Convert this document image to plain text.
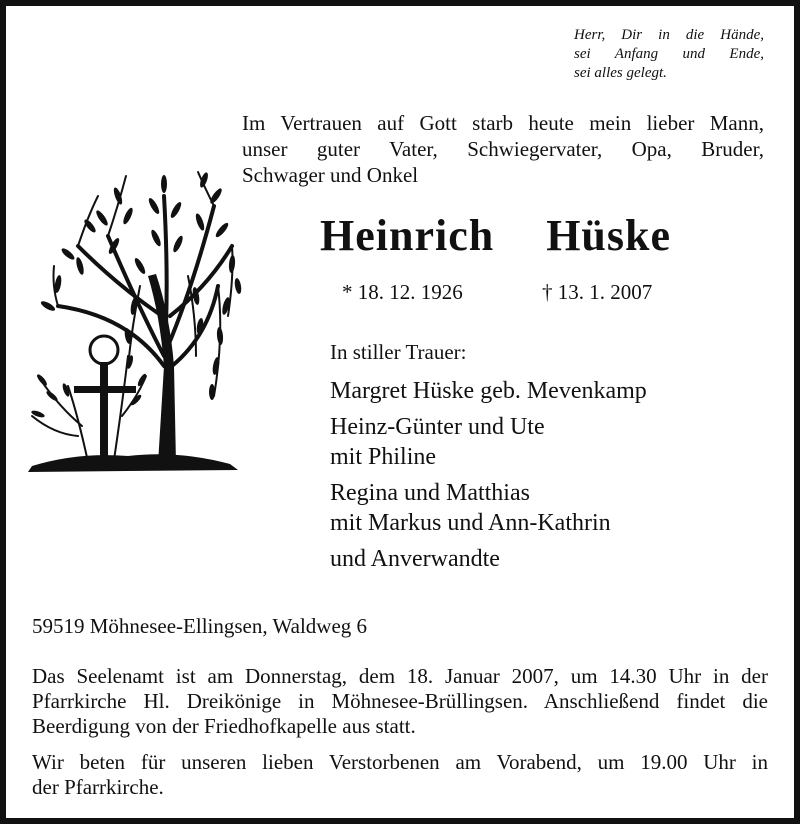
Herr, Dir in die Hände,
sei Anfang und Ende,
sei alles gelegt.
Im Vertrauen auf Gott starb heute mein lieber Mann,
unser guter Vater, Schwiegervater, Opa, Bruder,
Schwager und Onkel
Heinrich  Hüske
* 18. 12. 1926	† 13. 1. 2007
In stiller Trauer:
Margret Hüske geb. Mevenkamp
Heinz-Günter und Ute
mit Philine
Regina und Matthias
mit Markus und Ann-Kathrin
und Anverwandte
59519 Möhnesee-Ellingsen, Waldweg 6
Das Seelenamt ist am Donnerstag, dem 18. Januar 2007, um 14.30 Uhr in der
Pfarrkirche Hl. Dreikönige in Möhnesee-Brüllingsen. Anschließend findet die
Beerdigung von der Friedhofkapelle aus statt.
Wir beten für unseren lieben Verstorbenen am Vorabend, um 19.00 Uhr in
der Pfarrkirche.
